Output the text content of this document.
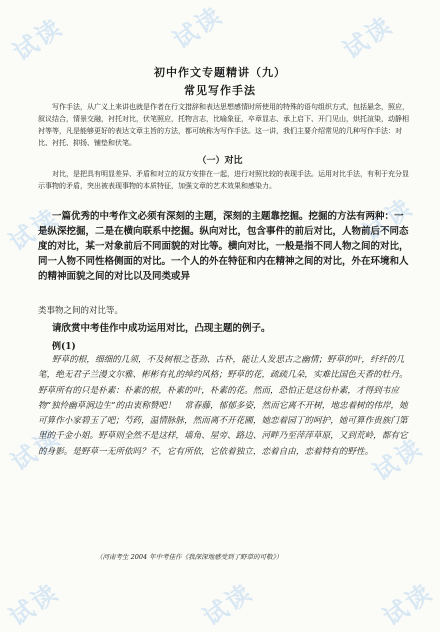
试读	试读	试读
试读	试读
试读	试读
试读	试读	试读
初中作文专题精讲（九）
常见写作手法
写作手法，从广义上来讲也就是作者在行文措辞和表达思想感情时所使用的特殊的语句组织方式，包括悬念，照应，叙议结合，情景交融，衬托对比，伏笔照应，托物言志，比喻象征，卒章显志、承上启下、开门见山，烘托渲染，动静相衬等等，凡是能够更好的表达文章主旨的方法，都可统称为写作手法。这一讲，我们主要介绍常见的几种写作手法：对比、衬托、抑扬、铺垫和伏笔。
（一）对比
对比，是把具有明显差异、矛盾和对立的双方安排在一起，进行对照比较的表现手法。运用对比手法，有利于充分显示事物的矛盾，突出被表现事物的本质特征，加强文章的艺术效果和感染力。
一篇优秀的中考作文必须有深刻的主题，深刻的主题靠挖掘。挖掘的方法有两种：一是纵深挖掘，二是在横向联系中挖掘。纵向对比，包含事件的前后对比，人物前后不同态度的对比，某一对象前后不同面貌的对比等。横向对比，一般是指不同人物之间的对比，同一人物不同性格侧面的对比。一个人的外在特征和内在精神之间的对比，外在环境和人的精神面貌之间的对比以及同类或异
类事物之间的对比等。
请欣赏中考佳作中成功运用对比，凸现主题的例子。
例(1)
野草的根，细细的几须，不及树根之苍劲、古朴，能让人发思古之幽情；野草的叶，纤纤的几笔，绝无君子兰漫文尔雅、彬彬有礼的绰约风格；野草的花，疏疏几朵，实难比国色天香的牡丹。野草所有的只是朴素：朴素的根，朴素的叶，朴素的花。然而，恐怕正是这份朴素，才得到韦应物“独怜幽草涧边生”的由衷称赞吧！　常春藤，郁郁多姿，然而它离不开树，地忠着树的伟岸，她可算作小家碧玉了吧；芍药，温情脉脉，然而离不开花圃，她恋着园丁的呵护，她可算作贵族门第里的千金小姐。野草则全然不是这样，墙角、屋旁、路边、河畔乃至萍萍草原，又到荒岭，都有它的身影。是野草一无所依吗？不，它有所依，它依着独立，恋着自由，恋着特有的野性。
（河南考生 2004 年中考佳作《我深深地感受到了野草的可敬》）
